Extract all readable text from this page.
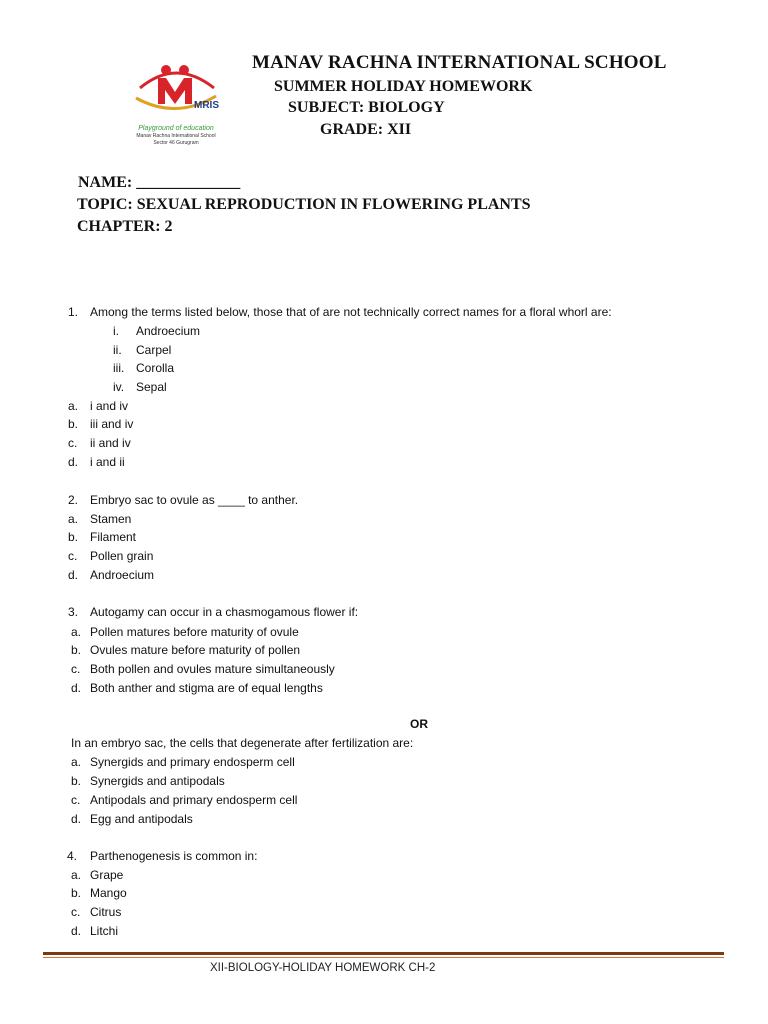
MRIS
Playground of education
Manav Rachna International School
Sector 46 Gurugram
MANAV RACHNA INTERNATIONAL SCHOOL
SUMMER HOLIDAY HOMEWORK
SUBJECT: BIOLOGY
GRADE: XII
NAME: _____________
TOPIC: SEXUAL REPRODUCTION IN FLOWERING PLANTS
CHAPTER: 2
1. Among the terms listed below, those that of are not technically correct names for a floral whorl are:
i. Androecium
ii. Carpel
iii. Corolla
iv. Sepal
a. i and iv
b. iii and iv
c. ii and iv
d. i and ii
2. Embryo sac to ovule as ____ to anther.
a. Stamen
b. Filament
c. Pollen grain
d. Androecium
3. Autogamy can occur in a chasmogamous flower if:
a. Pollen matures before maturity of ovule
b. Ovules mature before maturity of pollen
c. Both pollen and ovules mature simultaneously
d. Both anther and stigma are of equal lengths
OR
In an embryo sac, the cells that degenerate after fertilization are:
a. Synergids and primary endosperm cell
b. Synergids and antipodals
c. Antipodals and primary endosperm cell
d. Egg and antipodals
4. Parthenogenesis is common in:
a. Grape
b. Mango
c. Citrus
d. Litchi
XII-BIOLOGY-HOLIDAY HOMEWORK CH-2
